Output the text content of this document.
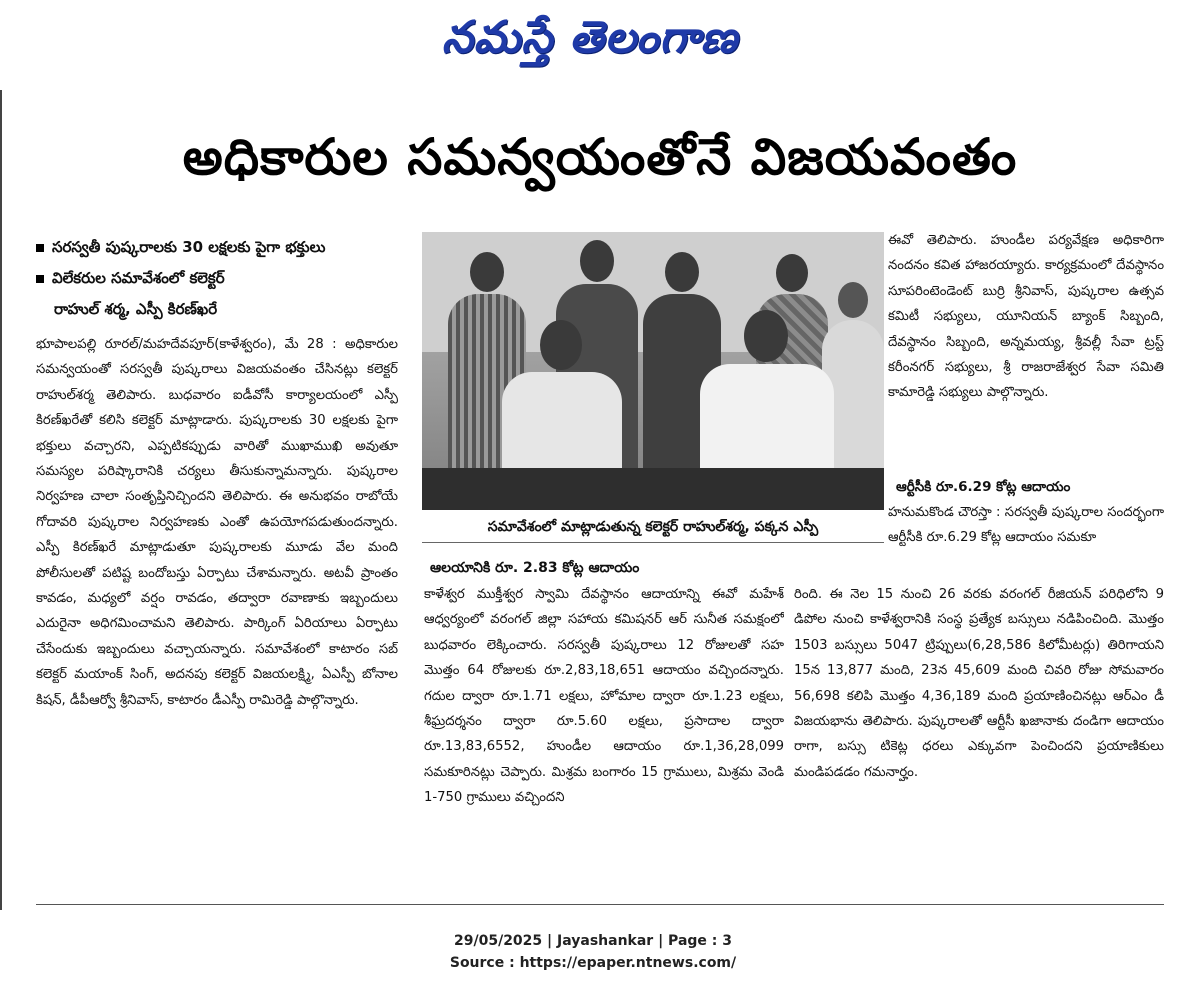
నమస్తే తెలంగాణ
అధికారుల సమన్వయంతోనే విజయవంతం
సరస్వతీ పుష్కరాలకు 30 లక్షలకు పైగా భక్తులు
విలేకరుల సమావేశంలో కలెక్టర్
రాహుల్ శర్మ, ఎస్పీ కిరణ్‌ఖరే

భూపాలపల్లి రూరల్/మహదేవపూర్(కాళేశ్వరం), మే 28 : అధికారుల సమన్వయంతో సరస్వతీ పుష్కరాలు విజయవంతం చేసినట్లు కలెక్టర్ రాహుల్‌శర్మ తెలిపారు. బుధవారం ఐడీవోసీ కార్యాలయంలో ఎస్పీ కిరణ్‌ఖరేతో కలిసి కలెక్టర్ మాట్లాడారు. పుష్కరాలకు 30 లక్షలకు పైగా భక్తులు వచ్చారని, ఎప్పటికప్పుడు వారితో ముఖాముఖి అవుతూ సమస్యల పరిష్కారానికి చర్యలు తీసుకున్నామన్నారు. పుష్కరాల నిర్వహణ చాలా సంతృప్తినిచ్చిందని తెలిపారు. ఈ అనుభవం రాబోయే గోదావరి పుష్కరాల నిర్వహణకు ఎంతో ఉపయోగపడుతుందన్నారు. ఎస్పీ కిరణ్‌ఖరే మాట్లాడుతూ పుష్కరాలకు మూడు వేల మంది పోలీసులతో పటిష్ట బందోబస్తు ఏర్పాటు చేశామన్నారు. అటవీ ప్రాంతం కావడం, మధ్యలో వర్షం రావడం, తద్వారా రవాణాకు ఇబ్బందులు ఎదురైనా అధిగమించామని తెలిపారు. పార్కింగ్ ఏరియాలు ఏర్పాటు చేసేందుకు ఇబ్బందులు వచ్చాయన్నారు. సమావేశంలో కాటారం సబ్ కలెక్టర్ మయాంక్ సింగ్, అదనపు కలెక్టర్ విజయలక్ష్మి, ఏఎస్పీ బోనాల కిషన్, డీపీఆర్వో శ్రీనివాస్, కాటారం డీఎస్పీ రామిరెడ్డి పాల్గొన్నారు.

సమావేశంలో మాట్లాడుతున్న కలెక్టర్ రాహుల్‌శర్మ, పక్కన ఎస్పీ
ఆలయానికి రూ. 2.83 కోట్ల ఆదాయం

కాళేశ్వర ముక్తీశ్వర స్వామి దేవస్థానం ఆదాయాన్ని ఈవో మహేశ్ ఆధ్వర్యంలో వరంగల్ జిల్లా సహాయ కమిషనర్ ఆర్ సునీత సమక్షంలో బుధవారం లెక్కించారు. సరస్వతీ పుష్కరాలు 12 రోజులతో సహ మొత్తం 64 రోజులకు రూ.2,83,18,651 ఆదాయం వచ్చిందన్నారు. గదుల ద్వారా రూ.1.71 లక్షలు, హోమాల ద్వారా రూ.1.23 లక్షలు, శీఘ్రదర్శనం ద్వారా రూ.5.60 లక్షలు, ప్రసాదాల ద్వారా రూ.13,83,6552, హుండీల ఆదాయం రూ.1,36,28,099 సమకూరినట్లు చెప్పారు. మిశ్రమ బంగారం 15 గ్రాములు, మిశ్రమ వెండి 1-750 గ్రాములు వచ్చిందని

ఈవో తెలిపారు. హుండీల పర్యవేక్షణ అధికారిగా నందనం కవిత హాజరయ్యారు. కార్యక్రమంలో దేవస్థానం సూపరింటెండెంట్ బుర్రి శ్రీనివాస్, పుష్కరాల ఉత్సవ కమిటీ సభ్యులు, యూనియన్ బ్యాంక్ సిబ్బంది, దేవస్థానం సిబ్బంది, అన్నమయ్య, శ్రీవల్లీ సేవా ట్రస్ట్ కరీంనగర్ సభ్యులు, శ్రీ రాజరాజేశ్వర సేవా సమితి కామారెడ్డి సభ్యులు పాల్గొన్నారు.

ఆర్టీసీకి రూ.6.29 కోట్ల ఆదాయం

హనుమకొండ చౌరస్తా : సరస్వతీ పుష్కరాల సందర్భంగా ఆర్టీసీకి రూ.6.29 కోట్ల ఆదాయం సమకూ

రింది. ఈ నెల 15 నుంచి 26 వరకు వరంగల్ రీజియన్ పరిధిలోని 9 డిపోల నుంచి కాళేశ్వరానికి సంస్థ ప్రత్యేక బస్సులు నడిపించింది. మొత్తం 1503 బస్సులు 5047 ట్రిప్పులు(6,28,586 కిలోమీటర్లు) తిరిగాయని 15న 13,877 మంది, 23న 45,609 మంది చివరి రోజు సోమవారం 56,698 కలిపి మొత్తం 4,36,189 మంది ప్రయాణించినట్లు ఆర్‌ఎం డీ విజయభాను తెలిపారు. పుష్కరాలతో ఆర్టీసీ ఖజానాకు దండిగా ఆదాయం రాగా, బస్సు టికెట్ల ధరలు ఎక్కువగా పెంచిందని ప్రయాణికులు మండిపడడం గమనార్హం.

29/05/2025 | Jayashankar | Page : 3
Source : https://epaper.ntnews.com/
